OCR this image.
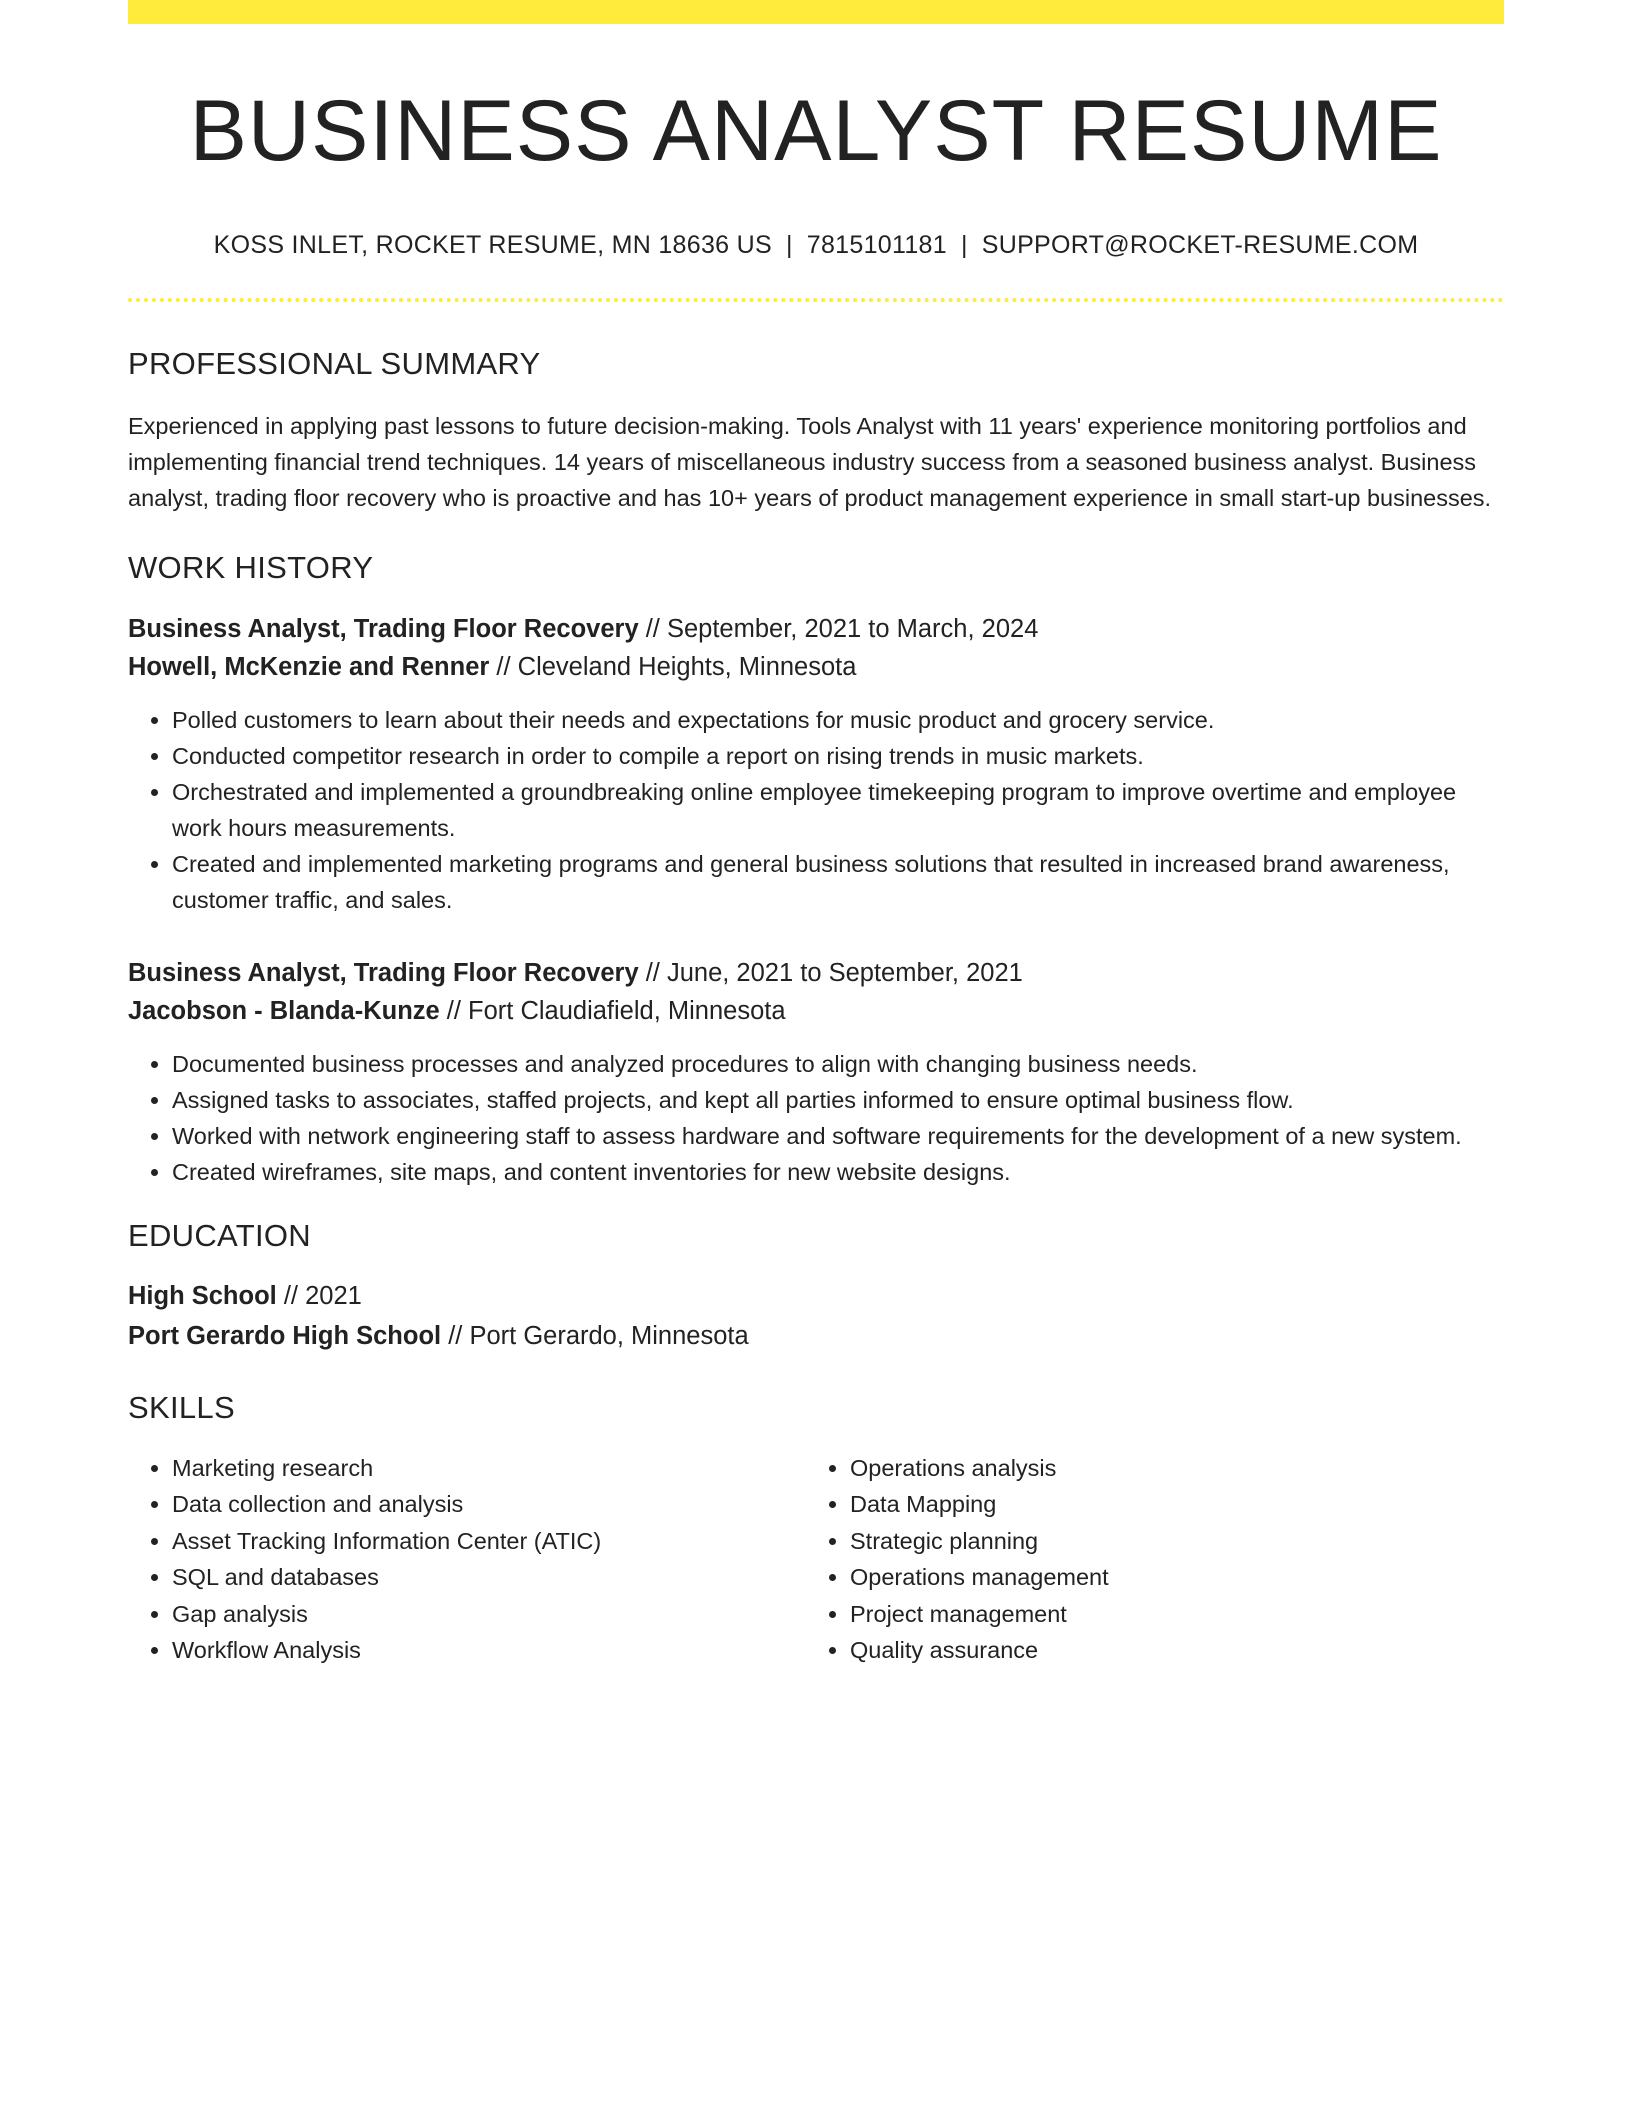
BUSINESS ANALYST RESUME
KOSS INLET, ROCKET RESUME, MN 18636 US | 7815101181 | SUPPORT@ROCKET-RESUME.COM
PROFESSIONAL SUMMARY

Experienced in applying past lessons to future decision-making. Tools Analyst with 11 years' experience monitoring portfolios and implementing financial trend techniques. 14 years of miscellaneous industry success from a seasoned business analyst. Business analyst, trading floor recovery who is proactive and has 10+ years of product management experience in small start-up businesses.

WORK HISTORY
Business Analyst, Trading Floor Recovery // September, 2021 to March, 2024
Howell, McKenzie and Renner // Cleveland Heights, Minnesota
• Polled customers to learn about their needs and expectations for music product and grocery service.
• Conducted competitor research in order to compile a report on rising trends in music markets.
• Orchestrated and implemented a groundbreaking online employee timekeeping program to improve overtime and employee work hours measurements.
• Created and implemented marketing programs and general business solutions that resulted in increased brand awareness, customer traffic, and sales.
Business Analyst, Trading Floor Recovery // June, 2021 to September, 2021
Jacobson - Blanda-Kunze // Fort Claudiafield, Minnesota
• Documented business processes and analyzed procedures to align with changing business needs.
• Assigned tasks to associates, staffed projects, and kept all parties informed to ensure optimal business flow.
• Worked with network engineering staff to assess hardware and software requirements for the development of a new system.
• Created wireframes, site maps, and content inventories for new website designs.
EDUCATION
High School // 2021
Port Gerardo High School // Port Gerardo, Minnesota
SKILLS
• Marketing research
• Data collection and analysis
• Asset Tracking Information Center (ATIC)
• SQL and databases
• Gap analysis
• Workflow Analysis
• Operations analysis
• Data Mapping
• Strategic planning
• Operations management
• Project management
• Quality assurance
